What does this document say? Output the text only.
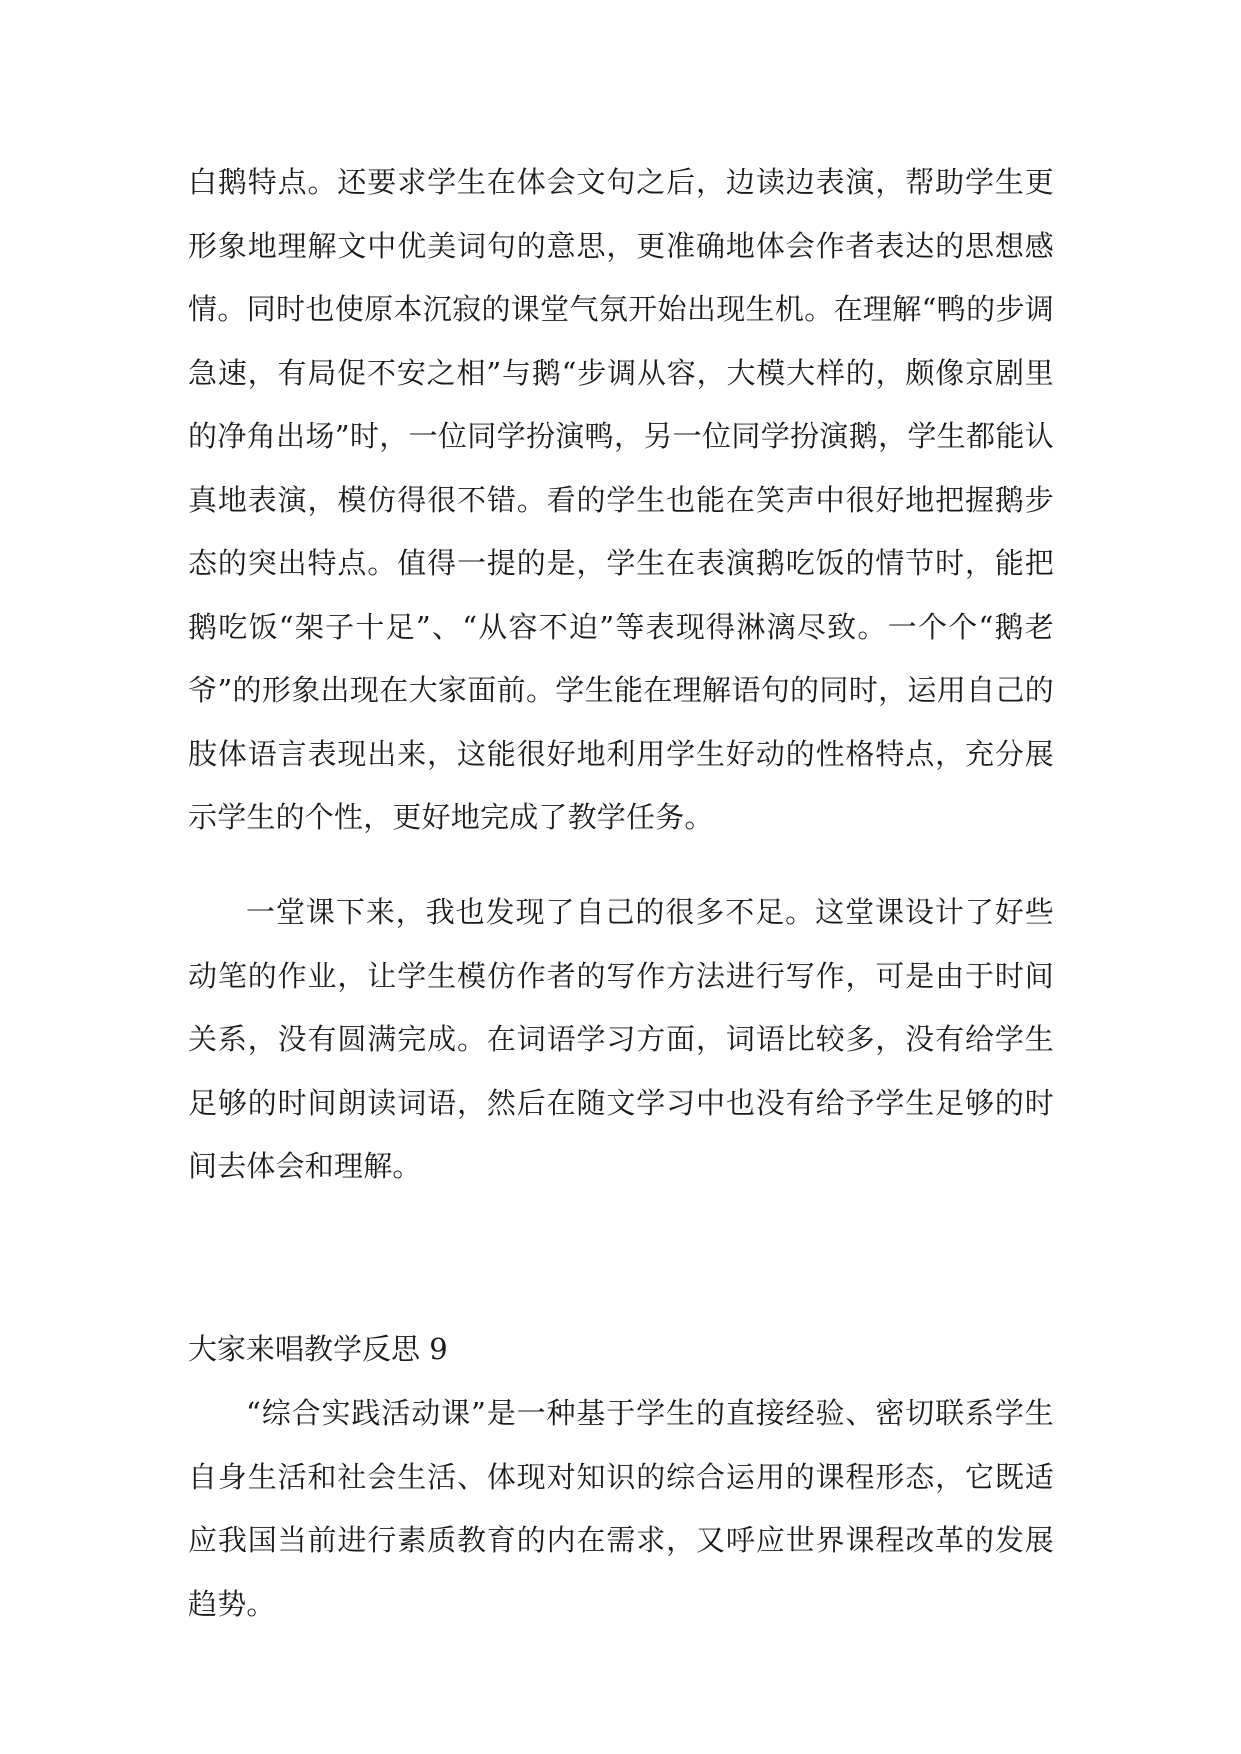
白鹅特点。还要求学生在体会文句之后，边读边表演，帮助学生更形象地理解文中优美词句的意思，更准确地体会作者表达的思想感情。同时也使原本沉寂的课堂气氛开始出现生机。在理解“鸭的步调急速，有局促不安之相”与鹅“步调从容，大模大样的，颇像京剧里的净角出场”时，一位同学扮演鸭，另一位同学扮演鹅，学生都能认真地表演，模仿得很不错。看的学生也能在笑声中很好地把握鹅步态的突出特点。值得一提的是，学生在表演鹅吃饭的情节时，能把鹅吃饭“架子十足”、“从容不迫”等表现得淋漓尽致。一个个“鹅老爷”的形象出现在大家面前。学生能在理解语句的同时，运用自己的肢体语言表现出来，这能很好地利用学生好动的性格特点，充分展示学生的个性，更好地完成了教学任务。

一堂课下来，我也发现了自己的很多不足。这堂课设计了好些动笔的作业，让学生模仿作者的写作方法进行写作，可是由于时间关系，没有圆满完成。在词语学习方面，词语比较多，没有给学生足够的时间朗读词语，然后在随文学习中也没有给予学生足够的时间去体会和理解。

大家来唱教学反思 9

“综合实践活动课”是一种基于学生的直接经验、密切联系学生自身生活和社会生活、体现对知识的综合运用的课程形态，它既适应我国当前进行素质教育的内在需求，又呼应世界课程改革的发展趋势。
